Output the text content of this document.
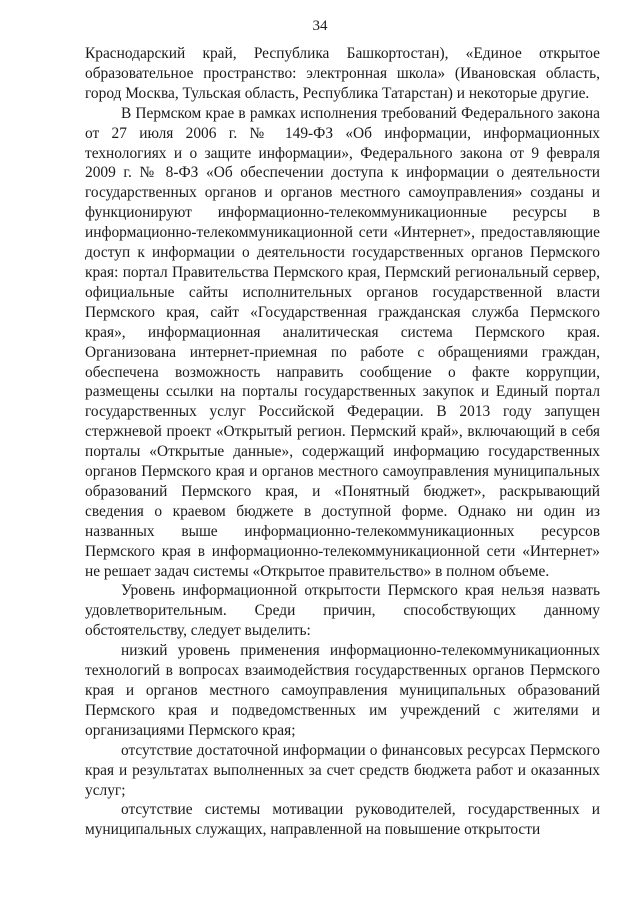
34

Краснодарский край, Республика Башкортостан), «Единое открытое образовательное пространство: электронная школа» (Ивановская область, город Москва, Тульская область, Республика Татарстан) и некоторые другие.

В Пермском крае в рамках исполнения требований Федерального закона от 27 июля 2006 г. № 149-ФЗ «Об информации, информационных технологиях и о защите информации», Федерального закона от 9 февраля 2009 г. № 8-ФЗ «Об обеспечении доступа к информации о деятельности государственных органов и органов местного самоуправления» созданы и функционируют информационно-телекоммуникационные ресурсы в информационно-телекоммуникационной сети «Интернет», предоставляющие доступ к информации о деятельности государственных органов Пермского края: портал Правительства Пермского края, Пермский региональный сервер, официальные сайты исполнительных органов государственной власти Пермского края, сайт «Государственная гражданская служба Пермского края», информационная аналитическая система Пермского края. Организована интернет-приемная по работе с обращениями граждан, обеспечена возможность направить сообщение о факте коррупции, размещены ссылки на порталы государственных закупок и Единый портал государственных услуг Российской Федерации. В 2013 году запущен стержневой проект «Открытый регион. Пермский край», включающий в себя порталы «Открытые данные», содержащий информацию государственных органов Пермского края и органов местного самоуправления муниципальных образований Пермского края, и «Понятный бюджет», раскрывающий сведения о краевом бюджете в доступной форме. Однако ни один из названных выше информационно-телекоммуникационных ресурсов Пермского края в информационно-телекоммуникационной сети «Интернет» не решает задач системы «Открытое правительство» в полном объеме.

Уровень информационной открытости Пермского края нельзя назвать удовлетворительным. Среди причин, способствующих данному обстоятельству, следует выделить:

низкий уровень применения информационно-телекоммуникационных технологий в вопросах взаимодействия государственных органов Пермского края и органов местного самоуправления муниципальных образований Пермского края и подведомственных им учреждений с жителями и организациями Пермского края;

отсутствие достаточной информации о финансовых ресурсах Пермского края и результатах выполненных за счет средств бюджета работ и оказанных услуг;

отсутствие системы мотивации руководителей, государственных и муниципальных служащих, направленной на повышение открытости
